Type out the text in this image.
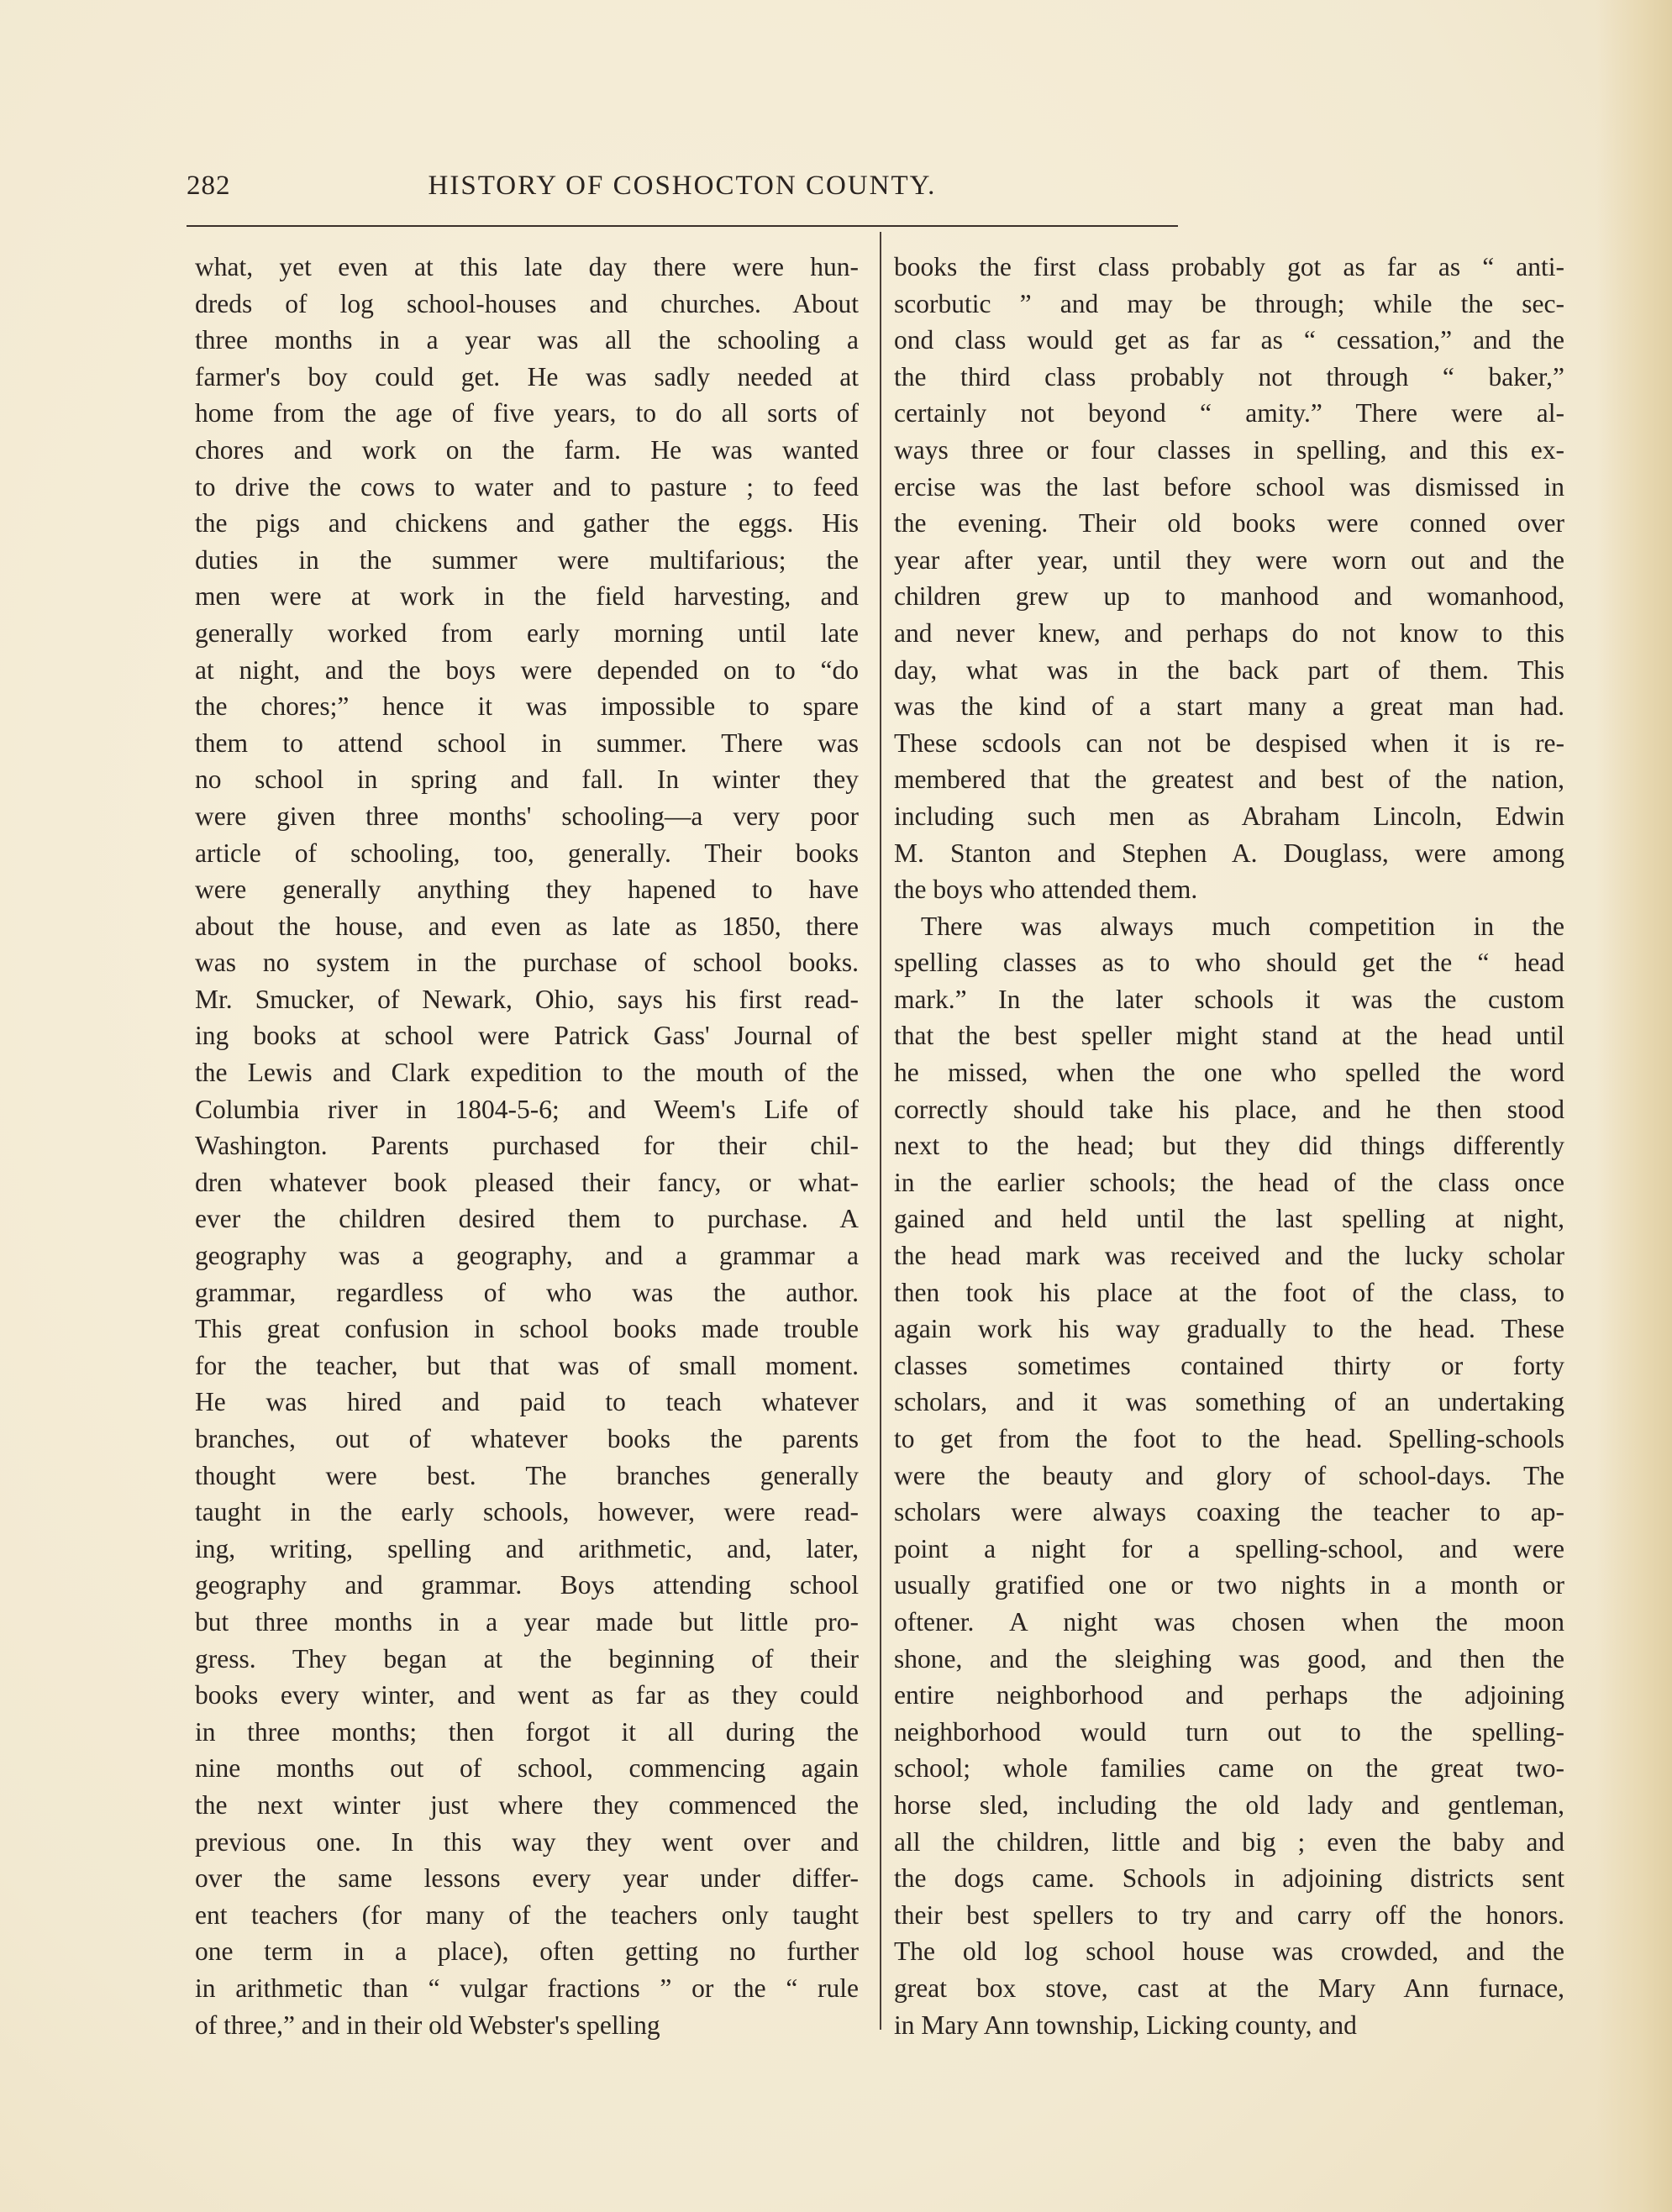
282	HISTORY OF COSHOCTON COUNTY.
what, yet even at this late day there were hun-
dreds of log school-houses and churches. About
three months in a year was all the schooling a
farmer's boy could get. He was sadly needed at
home from the age of five years, to do all sorts of
chores and work on the farm. He was wanted
to drive the cows to water and to pasture ; to feed
the pigs and chickens and gather the eggs. His
duties in the summer were multifarious; the
men were at work in the field harvesting, and
generally worked from early morning until late
at night, and the boys were depended on to “do
the chores;” hence it was impossible to spare
them to attend school in summer. There was
no school in spring and fall. In winter they
were given three months' schooling—a very poor
article of schooling, too, generally. Their books
were generally anything they hapened to have
about the house, and even as late as 1850, there
was no system in the purchase of school books.
Mr. Smucker, of Newark, Ohio, says his first read-
ing books at school were Patrick Gass' Journal of
the Lewis and Clark expedition to the mouth of the
Columbia river in 1804-5-6; and Weem's Life of
Washington. Parents purchased for their chil-
dren whatever book pleased their fancy, or what-
ever the children desired them to purchase. A
geography was a geography, and a grammar a
grammar, regardless of who was the author.
This great confusion in school books made trouble
for the teacher, but that was of small moment.
He was hired and paid to teach whatever
branches, out of whatever books the parents
thought were best. The branches generally
taught in the early schools, however, were read-
ing, writing, spelling and arithmetic, and, later,
geography and grammar. Boys attending school
but three months in a year made but little pro-
gress. They began at the beginning of their
books every winter, and went as far as they could
in three months; then forgot it all during the
nine months out of school, commencing again
the next winter just where they commenced the
previous one. In this way they went over and
over the same lessons every year under differ-
ent teachers (for many of the teachers only taught
one term in a place), often getting no further
in arithmetic than “ vulgar fractions ” or the “ rule
of three,” and in their old Webster's spelling
books the first class probably got as far as “ anti-
scorbutic ” and may be through; while the sec-
ond class would get as far as “ cessation,” and the
the third class probably not through “ baker,”
certainly not beyond “ amity.” There were al-
ways three or four classes in spelling, and this ex-
ercise was the last before school was dismissed in
the evening. Their old books were conned over
year after year, until they were worn out and the
children grew up to manhood and womanhood,
and never knew, and perhaps do not know to this
day, what was in the back part of them. This
was the kind of a start many a great man had.
These scdools can not be despised when it is re-
membered that the greatest and best of the nation,
including such men as Abraham Lincoln, Edwin
M. Stanton and Stephen A. Douglass, were among
the boys who attended them.
There was always much competition in the
spelling classes as to who should get the “ head
mark.” In the later schools it was the custom
that the best speller might stand at the head until
he missed, when the one who spelled the word
correctly should take his place, and he then stood
next to the head; but they did things differently
in the earlier schools; the head of the class once
gained and held until the last spelling at night,
the head mark was received and the lucky scholar
then took his place at the foot of the class, to
again work his way gradually to the head. These
classes sometimes contained thirty or forty
scholars, and it was something of an undertaking
to get from the foot to the head. Spelling-schools
were the beauty and glory of school-days. The
scholars were always coaxing the teacher to ap-
point a night for a spelling-school, and were
usually gratified one or two nights in a month or
oftener. A night was chosen when the moon
shone, and the sleighing was good, and then the
entire neighborhood and perhaps the adjoining
neighborhood would turn out to the spelling-
school; whole families came on the great two-
horse sled, including the old lady and gentleman,
all the children, little and big ; even the baby and
the dogs came. Schools in adjoining districts sent
their best spellers to try and carry off the honors.
The old log school house was crowded, and the
great box stove, cast at the Mary Ann furnace,
in Mary Ann township, Licking county, and
